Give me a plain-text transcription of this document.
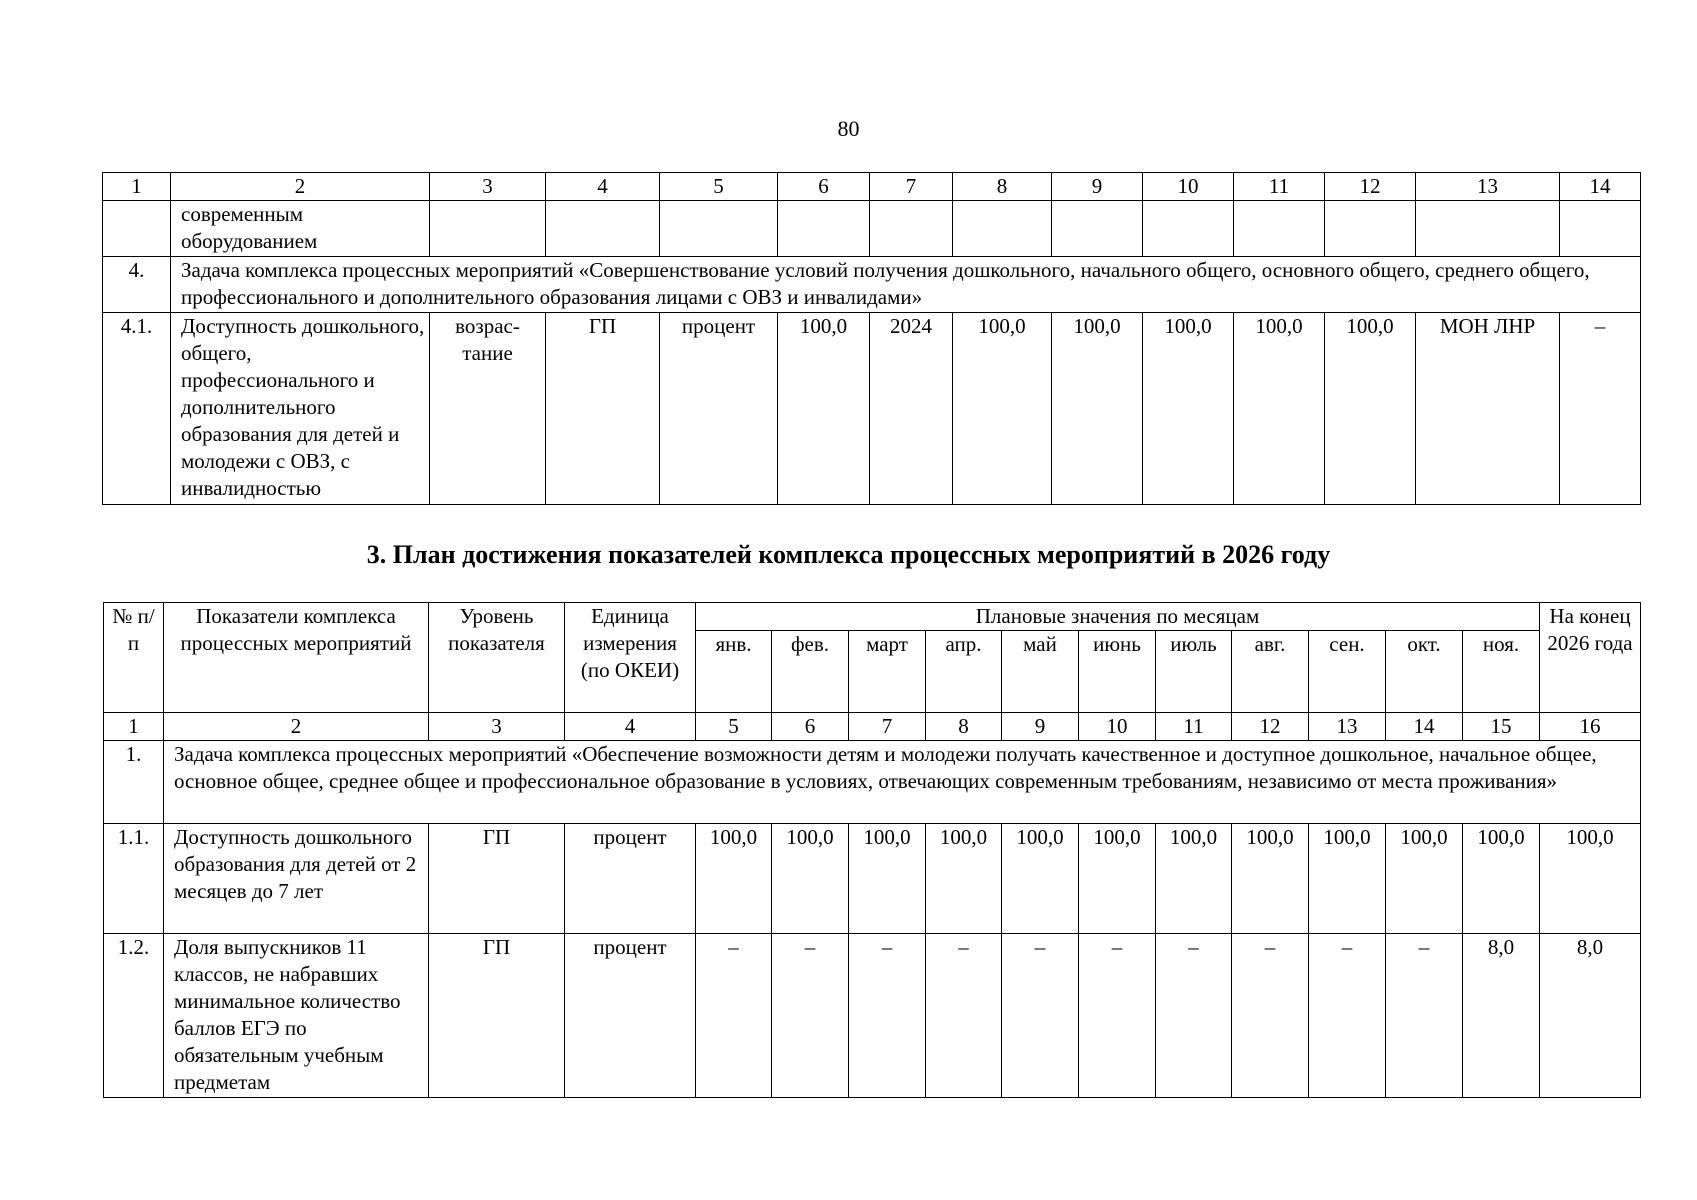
80
1	2	3	4	5	6	7	8	9	10	11	12	13	14
	современным оборудованием												
4.	Задача комплекса процессных мероприятий «Совершенствование условий получения дошкольного, начального общего, основного общего, среднего общего, профессионального и дополнительного образования лицами с ОВЗ и инвалидами»												
4.1.	Доступность дошкольного, общего, профессионального и дополнительного образования для детей и молодежи с ОВЗ, с инвалидностью	возрас-тание	ГП	процент	100,0	2024	100,0	100,0	100,0	100,0	100,0	МОН ЛНР	–
3. План достижения показателей комплекса процессных мероприятий в 2026 году
№ п/п	Показатели комплекса процессных мероприятий	Уровень показателя	Единица измерения (по ОКЕИ)	Плановые значения по месяцам											На конец 2026 года
				янв.	фев.	март	апр.	май	июнь	июль	авг.	сен.	окт.	ноя.	
1	2	3	4	5	6	7	8	9	10	11	12	13	14	15	16
1.	Задача комплекса процессных мероприятий «Обеспечение возможности детям и молодежи получать качественное и доступное дошкольное, начальное общее, основное общее, среднее общее и профессиональное образование в условиях, отвечающих современным требованиям, независимо от места проживания»														
1.1.	Доступность дошкольного образования для детей от 2 месяцев до 7 лет	ГП	процент	100,0	100,0	100,0	100,0	100,0	100,0	100,0	100,0	100,0	100,0	100,0	100,0
1.2.	Доля выпускников 11 классов, не набравших минимальное количество баллов ЕГЭ по обязательным учебным предметам	ГП	процент	–	–	–	–	–	–	–	–	–	–	8,0	8,0
